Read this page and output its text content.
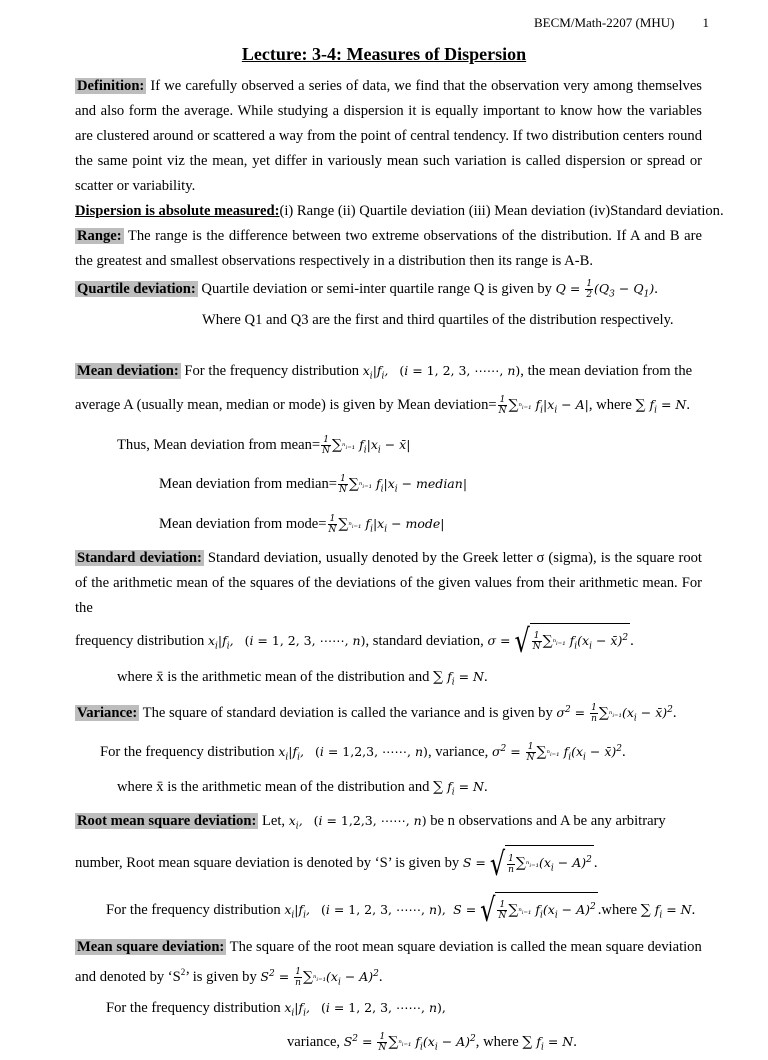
BECM/Math-2207 (MHU) 1
Lecture: 3-4: Measures of Dispersion

Definition: If we carefully observed a series of data, we find that the observation very among themselves and also form the average. While studying a dispersion it is equally important to know how the variables are clustered around or scattered a way from the point of central tendency. If two distribution centers round the same point viz the mean, yet differ in variously mean such variation is called dispersion or spread or scatter or variability.

Dispersion is absolute measured:(i) Range (ii) Quartile deviation (iii) Mean deviation (iv)Standard deviation.

Range: The range is the difference between two extreme observations of the distribution. If A and B are the greatest and smallest observations respectively in a distribution then its range is A-B.

Quartile deviation: Quartile deviation or semi-inter quartile range Q is given by $Q = \frac{1}{2} (Q_3 - Q_1)$.

Where Q1 and Q3 are the first and third quartiles of the distribution respectively.

Mean deviation: For the frequency distribution $x_i|f_i$, (i = 1, 2, 3, ⋯⋯, n), the mean deviation from the

average A (usually mean, median or mode) is given by Mean deviation= $\frac{1}{N}$ ∑ⁿᵢ₌₁ $f_i|x_i - A|$, where ∑ $f_i = N$.

Thus, Mean deviation from mean= $\frac{1}{N}$ ∑ⁿᵢ₌₁ $f_i|x_i$ − x̄|

Mean deviation from median= $\frac{1}{N}$ ∑ⁿᵢ₌₁ $f_i|x_i$ − median|

Mean deviation from mode= $\frac{1}{N}$ ∑ⁿᵢ₌₁ $f_i|x_i$ − mode|

Standard deviation: Standard deviation, usually denoted by the Greek letter σ (sigma), is the square root of the arithmetic mean of the squares of the deviations of the given values from their arithmetic mean. For the

frequency distribution $x_i|f_i$, (i = 1, 2, 3, ⋯⋯, n), standard deviation, σ = √ $\frac{1}{N}$ ∑ⁿᵢ₌₁ $f_i(x_i$ − x̄)$^2$ .

where x̄ is the arithmetic mean of the distribution and ∑ $f_i = N$.

Variance: The square of standard deviation is called the variance and is given by $\sigma^2 = \frac{1}{n}$ $\sum^nᵢ_{=1}(x_i$ − x̄)$^2$.

For the frequency distribution $x_i|f_i$, (i = 1,2,3, ⋯⋯, n), variance, $\sigma^2 = \frac{1}{N}$ ∑ⁿᵢ₌₁ $f_i(x_i$ − x̄)$^2$.

where x̄ is the arithmetic mean of the distribution and ∑ $f_i = N$.

Root mean square deviation: Let, $x_i$, (i = 1,2,3, ⋯⋯, n) be n observations and A be any arbitrary

number, Root mean square deviation is denoted by ‘S’ is given by S = √ $\frac{1}{n}$ $\sum^nᵢ_{=1}(x_i - A)^2$ .

For the frequency distribution $x_i|f_i$, (i = 1, 2, 3, ⋯⋯, n), S = √ $\frac{1}{N}$ ∑ⁿᵢ₌₁ $f_i(x_i - A)^2$ .where ∑ $f_i = N$.

Mean square deviation: The square of the root mean square deviation is called the mean square deviation

and denoted by ‘$S^2$’ is given by $S^2 = \frac{1}{n}$ $\sum^nᵢ_{=1}(x_i - A)^2$.

For the frequency distribution $x_i|f_i$, (i = 1, 2, 3, ⋯⋯, n),

variance, $S^2 = \frac{1}{N}$ ∑ⁿᵢ₌₁ $f_i(x_i - A)^2$, where ∑ $f_i = N$.
